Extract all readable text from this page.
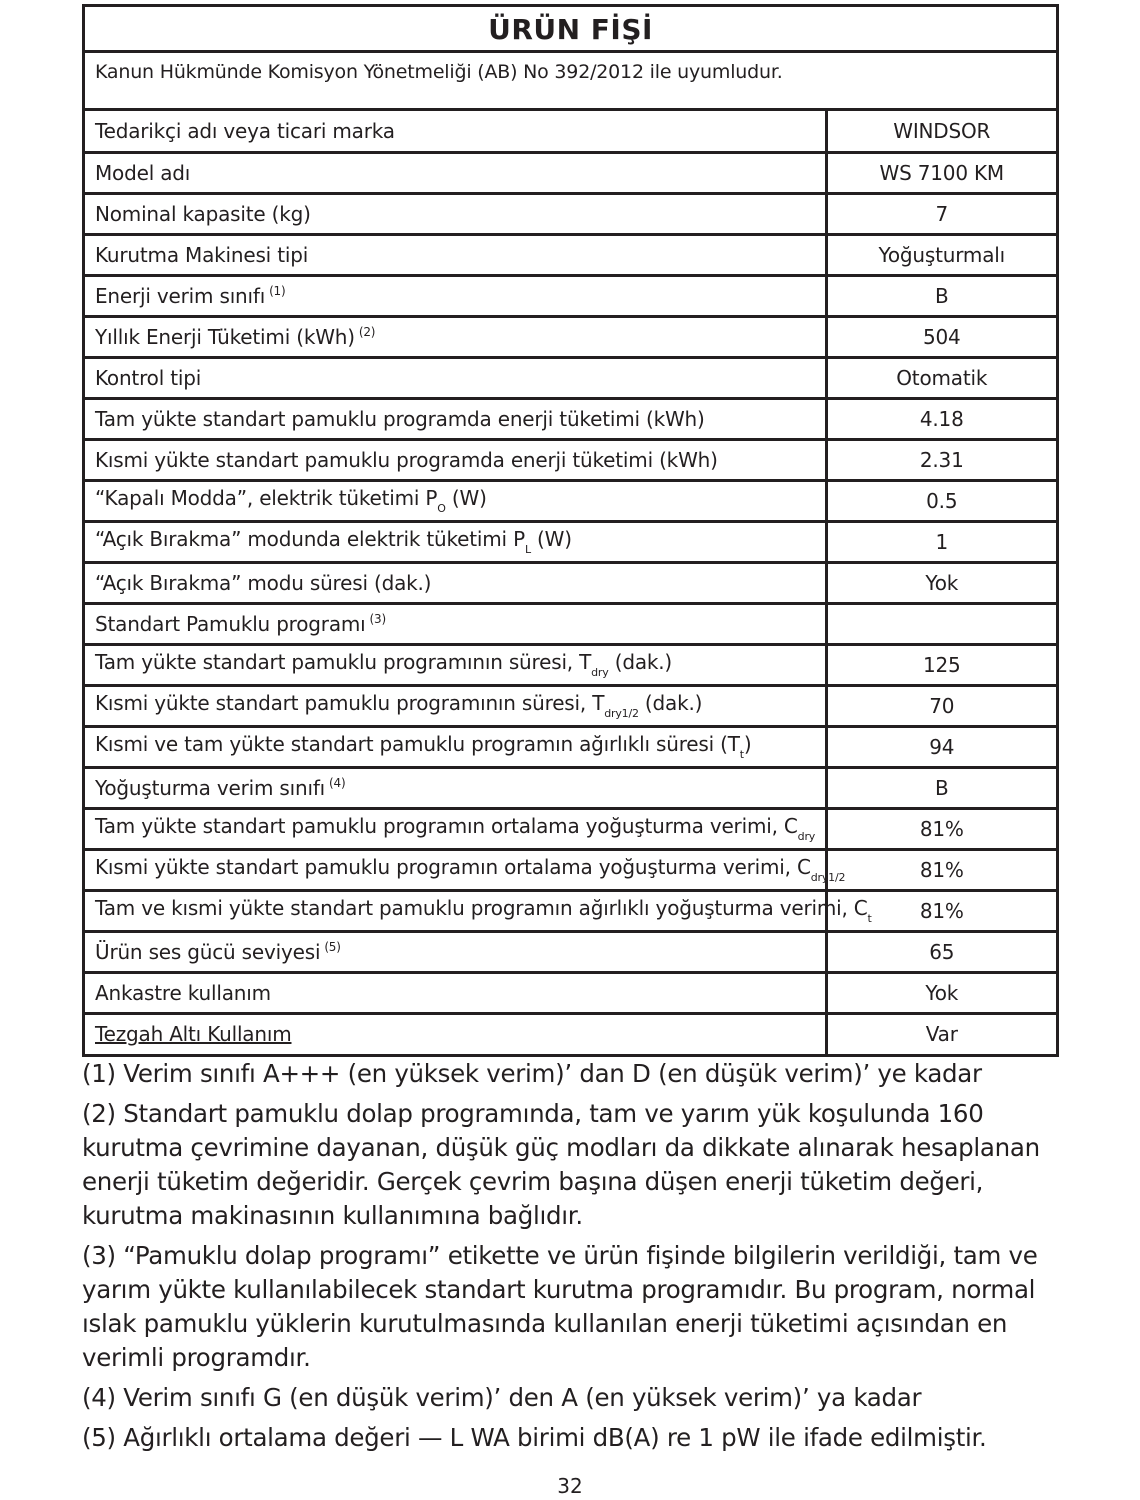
ÜRÜN FİŞİ
Kanun Hükmünde Komisyon Yönetmeliği (AB) No 392/2012 ile uyumludur.
Tedarikçi adı veya ticari marka	WINDSOR
Model adı	WS 7100 KM
Nominal kapasite (kg)	7
Kurutma Makinesi tipi	Yoğuşturmalı
Enerji verim sınıfı $^{(1)}$	B
Yıllık Enerji Tüketimi (kWh) $^{(2)}$	504
Kontrol tipi	Otomatik
Tam yükte standart pamuklu programda enerji tüketimi (kWh)	4.18
Kısmi yükte standart pamuklu programda enerji tüketimi (kWh)	2.31
“Kapalı Modda”, elektrik tüketimi $P_O$ (W)	0.5
“Açık Bırakma” modunda elektrik tüketimi $P_L$ (W)	1
“Açık Bırakma” modu süresi (dak.)	Yok
Standart Pamuklu programı $^{(3)}$	
Tam yükte standart pamuklu programının süresi, $T_{dry}$ (dak.)	125
Kısmi yükte standart pamuklu programının süresi, $T_{dry1/2}$ (dak.)	70
Kısmi ve tam yükte standart pamuklu programın ağırlıklı süresi $(T_t)$	94
Yoğuşturma verim sınıfı $^{(4)}$	B
Tam yükte standart pamuklu programın ortalama yoğuşturma verimi, $C_{dry}$	81%
Kısmi yükte standart pamuklu programın ortalama yoğuşturma verimi, $C_{dry1/2}$	81%
Tam ve kısmi yükte standart pamuklu programın ağırlıklı yoğuşturma verimi, $C_t$	81%
Ürün ses gücü seviyesi $^{(5)}$	65
Ankastre kullanım	Yok
Tezgah Altı Kullanım	Var

(1) Verim sınıfı A+++ (en yüksek verim)’ dan D (en düşük verim)’ ye kadar

(2) Standart pamuklu dolap programında, tam ve yarım yük koşulunda 160 kurutma çevrimine dayanan, düşük güç modları da dikkate alınarak hesaplanan enerji tüketim değeridir. Gerçek çevrim başına düşen enerji tüketim değeri, kurutma makinasının kullanımına bağlıdır.

(3) “Pamuklu dolap programı” etikette ve ürün fişinde bilgilerin verildiği, tam ve yarım yükte kullanılabilecek standart kurutma programıdır. Bu program, normal ıslak pamuklu yüklerin kurutulmasında kullanılan enerji tüketimi açısından en verimli programdır.

(4) Verim sınıfı G (en düşük verim)’ den A (en yüksek verim)’ ya kadar

(5) Ağırlıklı ortalama değeri — L WA birimi dB(A) re 1 pW ile ifade edilmiştir.

32
